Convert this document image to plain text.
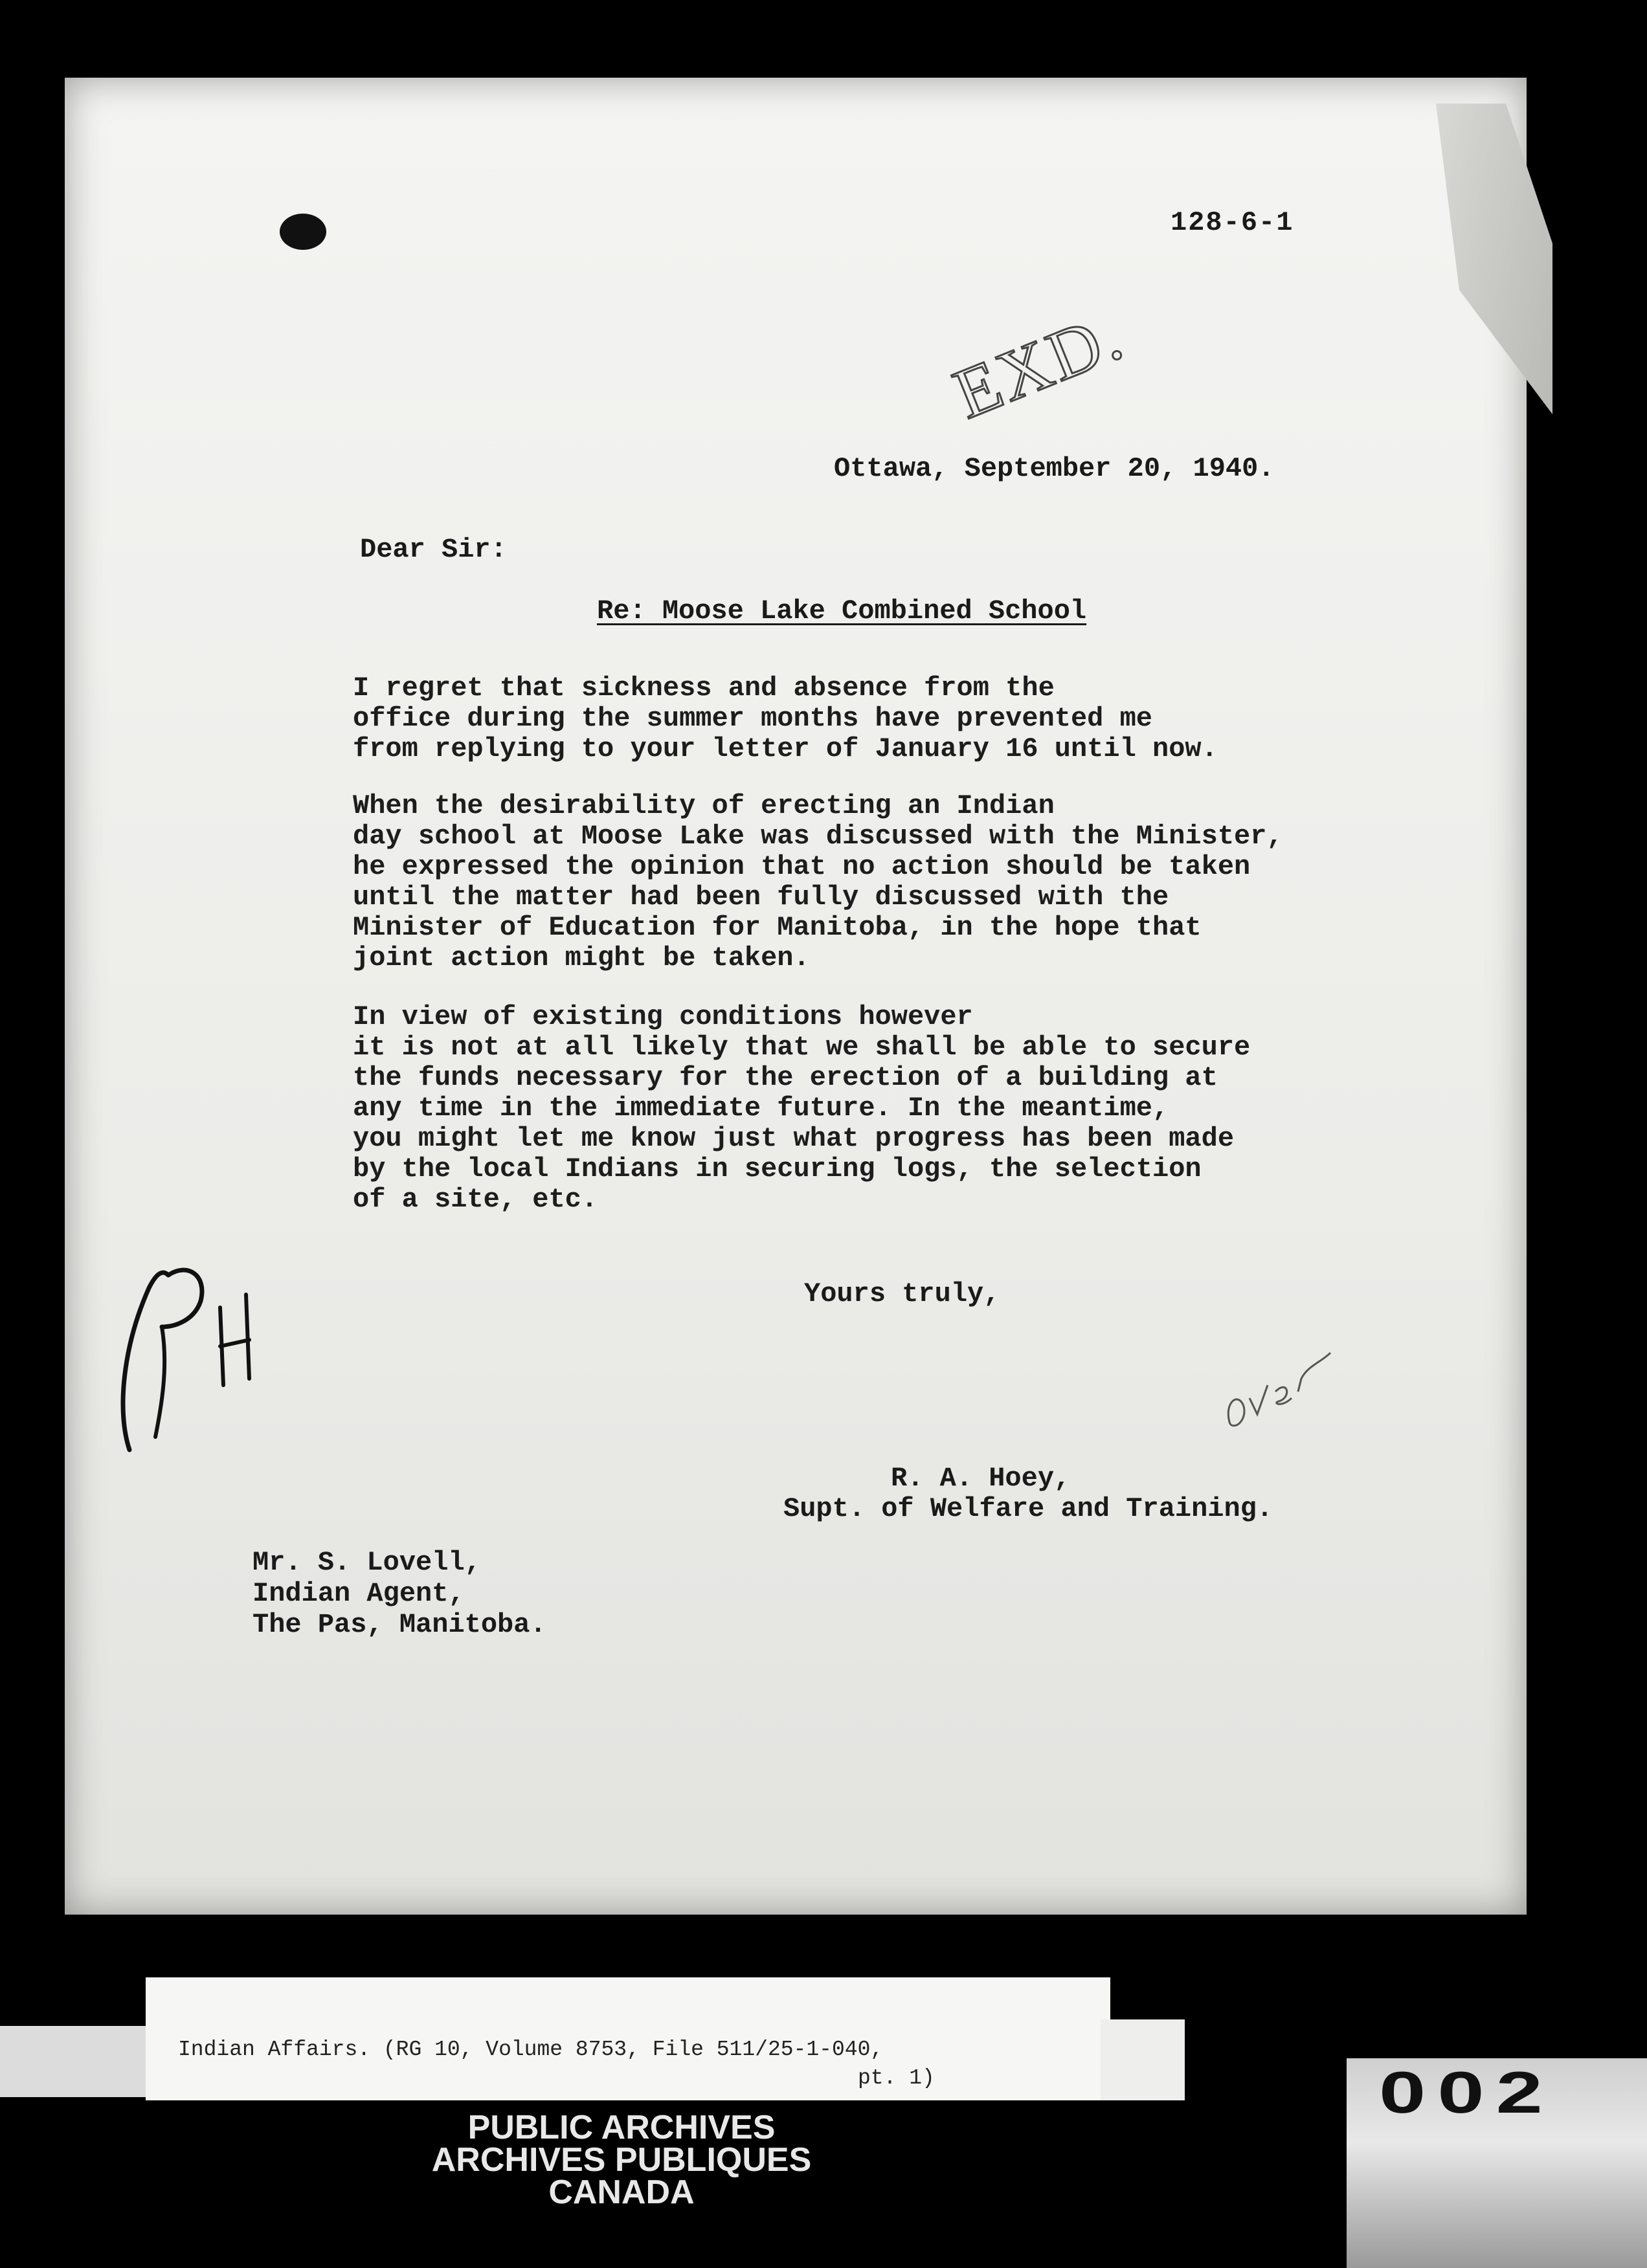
128-6-1
EXD.
Ottawa, September 20, 1940.
Dear Sir:
Re: Moose Lake Combined School
I regret that sickness and absence from the
office during the summer months have prevented me
from replying to your letter of January 16 until now.
When the desirability of erecting an Indian
day school at Moose Lake was discussed with the Minister,
he expressed the opinion that no action should be taken
until the matter had been fully discussed with the
Minister of Education for Manitoba, in the hope that
joint action might be taken.
In view of existing conditions however
it is not at all likely that we shall be able to secure
the funds necessary for the erection of a building at
any time in the immediate future. In the meantime,
you might let me know just what progress has been made
by the local Indians in securing logs, the selection
of a site, etc.
Yours truly,
R. A. Hoey,
Supt. of Welfare and Training.
Mr. S. Lovell,
Indian Agent,
The Pas, Manitoba.
Indian Affairs. (RG 10, Volume 8753, File 511/25-1-040,
pt. 1)
PUBLIC ARCHIVES
ARCHIVES PUBLIQUES
CANADA
002
